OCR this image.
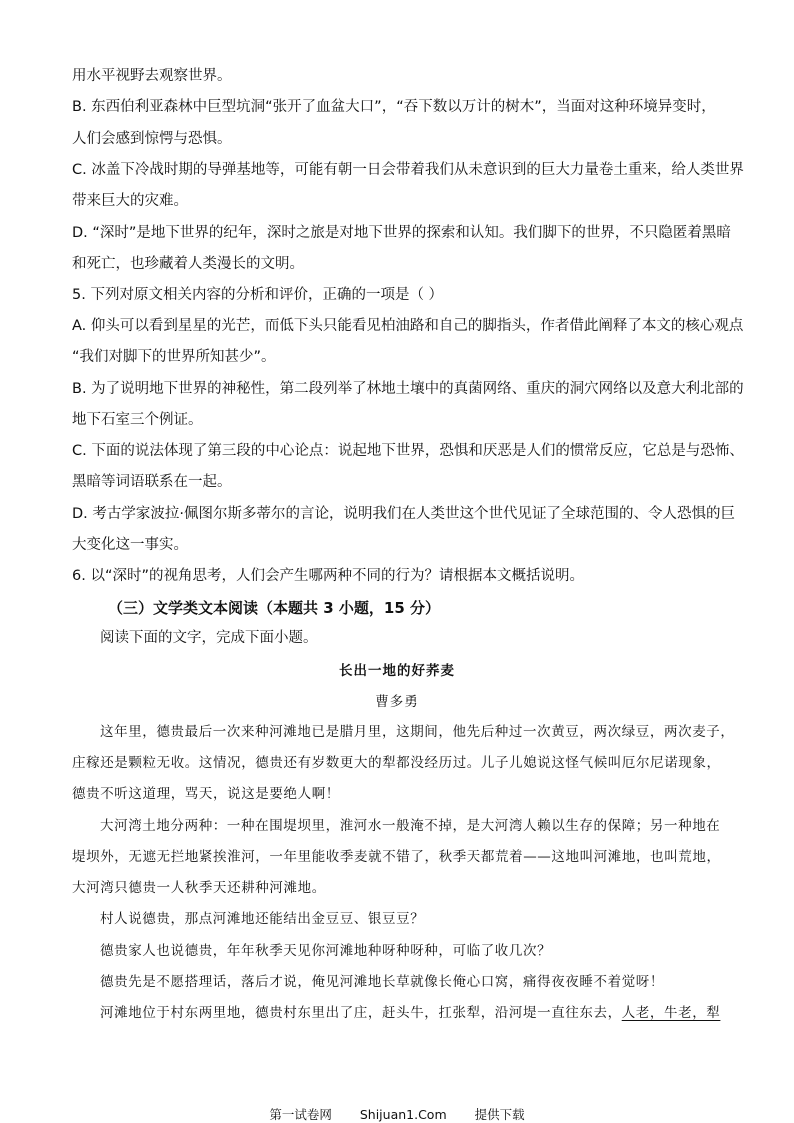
用水平视野去观察世界。
B. 东西伯利亚森林中巨型坑洞“张开了血盆大口”，“吞下数以万计的树木”，当面对这种环境异变时，
人们会感到惊愕与恐惧。
C. 冰盖下冷战时期的导弹基地等，可能有朝一日会带着我们从未意识到的巨大力量卷土重来，给人类世界
带来巨大的灾难。
D. “深时”是地下世界的纪年，深时之旅是对地下世界的探索和认知。我们脚下的世界，不只隐匿着黑暗
和死亡，也珍藏着人类漫长的文明。
5. 下列对原文相关内容的分析和评价，正确的一项是（ ）
A. 仰头可以看到星星的光芒，而低下头只能看见柏油路和自己的脚指头，作者借此阐释了本文的核心观点
“我们对脚下的世界所知甚少”。
B. 为了说明地下世界的神秘性，第二段列举了林地土壤中的真菌网络、重庆的洞穴网络以及意大利北部的
地下石室三个例证。
C. 下面的说法体现了第三段的中心论点：说起地下世界，恐惧和厌恶是人们的惯常反应，它总是与恐怖、
黑暗等词语联系在一起。
D. 考古学家波拉·佩图尔斯多蒂尔的言论，说明我们在人类世这个世代见证了全球范围的、令人恐惧的巨
大变化这一事实。
6. 以“深时”的视角思考，人们会产生哪两种不同的行为？请根据本文概括说明。
（三）文学类文本阅读（本题共 3 小题，15 分）
阅读下面的文字，完成下面小题。
长出一地的好荞麦
曹多勇
这年里，德贵最后一次来种河滩地已是腊月里，这期间，他先后种过一次黄豆，两次绿豆，两次麦子，
庄稼还是颗粒无收。这情况，德贵还有岁数更大的犁都没经历过。儿子儿媳说这怪气候叫厄尔尼诺现象，
德贵不听这道理，骂天，说这是要绝人啊！
大河湾土地分两种：一种在围堤坝里，淮河水一般淹不掉，是大河湾人赖以生存的保障；另一种地在
堤坝外，无遮无拦地紧挨淮河，一年里能收季麦就不错了，秋季天都荒着——这地叫河滩地，也叫荒地，
大河湾只德贵一人秋季天还耕种河滩地。
村人说德贵，那点河滩地还能结出金豆豆、银豆豆？
德贵家人也说德贵，年年秋季天见你河滩地种呀种呀种，可临了收几次？
德贵先是不愿搭理话，落后才说，俺见河滩地长草就像长俺心口窝，痛得夜夜睡不着觉呀！
河滩地位于村东两里地，德贵村东里出了庄，赶头牛，扛张犁，沿河堤一直往东去，人老，牛老，犁
第一试卷网 Shijuan1.Com 提供下载
